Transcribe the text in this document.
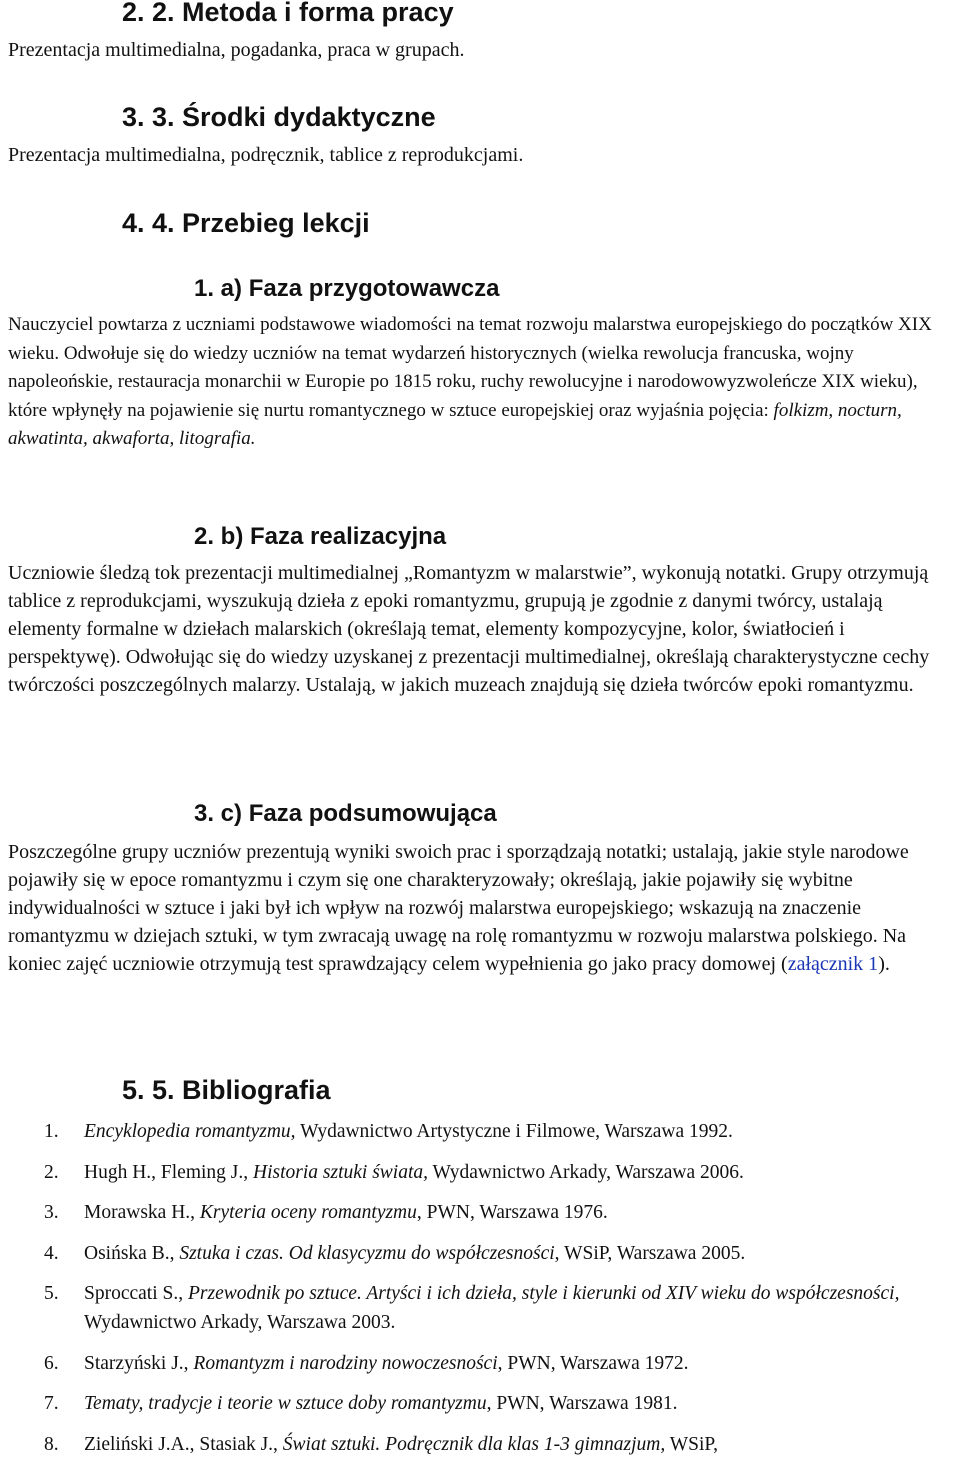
2. 2. Metoda i forma pracy
Prezentacja multimedialna, pogadanka, praca w grupach.
3. 3. Środki dydaktyczne
Prezentacja multimedialna, podręcznik, tablice z reprodukcjami.
4. 4. Przebieg lekcji
1. a) Faza przygotowawcza
Nauczyciel powtarza z uczniami podstawowe wiadomości na temat rozwoju malarstwa europejskiego do początków XIX wieku. Odwołuje się do wiedzy uczniów na temat wydarzeń historycznych (wielka rewolucja francuska, wojny napoleońskie, restauracja monarchii w Europie po 1815 roku, ruchy rewolucyjne i narodowowyzwoleńcze XIX wieku), które wpłynęły na pojawienie się nurtu romantycznego w sztuce europejskiej oraz wyjaśnia pojęcia: folkizm, nocturn, akwatinta, akwaforta, litografia.
2. b) Faza realizacyjna
Uczniowie śledzą tok prezentacji multimedialnej „Romantyzm w malarstwie”, wykonują notatki. Grupy otrzymują tablice z reprodukcjami, wyszukują dzieła z epoki romantyzmu, grupują je zgodnie z danymi twórcy, ustalają elementy formalne w dziełach malarskich (określają temat, elementy kompozycyjne, kolor, światłocień i perspektywę). Odwołując się do wiedzy uzyskanej z prezentacji multimedialnej, określają charakterystyczne cechy twórczości poszczególnych malarzy. Ustalają, w jakich muzeach znajdują się dzieła twórców epoki romantyzmu.
3. c) Faza podsumowująca
Poszczególne grupy uczniów prezentują wyniki swoich prac i sporządzają notatki; ustalają, jakie style narodowe pojawiły się w epoce romantyzmu i czym się one charakteryzowały; określają, jakie pojawiły się wybitne indywidualności w sztuce i jaki był ich wpływ na rozwój malarstwa europejskiego; wskazują na znaczenie romantyzmu w dziejach sztuki, w tym zwracają uwagę na rolę romantyzmu w rozwoju malarstwa polskiego. Na koniec zajęć uczniowie otrzymują test sprawdzający celem wypełnienia go jako pracy domowej (załącznik 1).
5. 5. Bibliografia
1. Encyklopedia romantyzmu, Wydawnictwo Artystyczne i Filmowe, Warszawa 1992.
2. Hugh H., Fleming J., Historia sztuki świata, Wydawnictwo Arkady, Warszawa 2006.
3. Morawska H., Kryteria oceny romantyzmu, PWN, Warszawa 1976.
4. Osińska B., Sztuka i czas. Od klasycyzmu do współczesności, WSiP, Warszawa 2005.
5. Sproccati S., Przewodnik po sztuce. Artyści i ich dzieła, style i kierunki od XIV wieku do współczesności, Wydawnictwo Arkady, Warszawa 2003.
6. Starzyński J., Romantyzm i narodziny nowoczesności, PWN, Warszawa 1972.
7. Tematy, tradycje i teorie w sztuce doby romantyzmu, PWN, Warszawa 1981.
8. Zieliński J.A., Stasiak J., Świat sztuki. Podręcznik dla klas 1-3 gimnazjum, WSiP,
